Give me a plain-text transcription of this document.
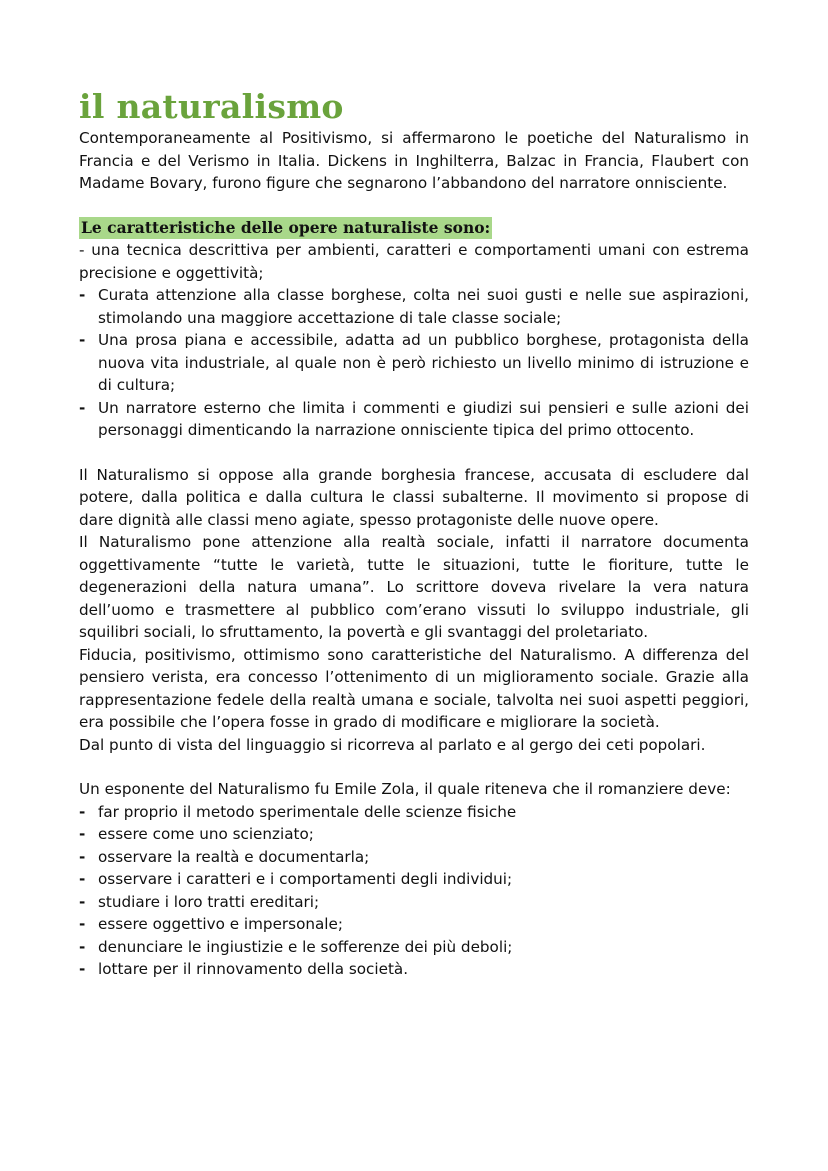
il naturalismo

Contemporaneamente al Positivismo, si affermarono le poetiche del Naturalismo in Francia e del Verismo in Italia. Dickens in Inghilterra, Balzac in Francia, Flaubert con Madame Bovary, furono figure che segnarono l’abbandono del narratore onnisciente.

Le caratteristiche delle opere naturaliste sono:

- una tecnica descrittiva per ambienti, caratteri e comportamenti umani con estrema precisione e oggettività;

- Curata attenzione alla classe borghese, colta nei suoi gusti e nelle sue aspirazioni, stimolando una maggiore accettazione di tale classe sociale;
- Una prosa piana e accessibile, adatta ad un pubblico borghese, protagonista della nuova vita industriale, al quale non è però richiesto un livello minimo di istruzione e di cultura;
- Un narratore esterno che limita i commenti e giudizi sui pensieri e sulle azioni dei personaggi dimenticando la narrazione onnisciente tipica del primo ottocento.

Il Naturalismo si oppose alla grande borghesia francese, accusata di escludere dal potere, dalla politica e dalla cultura le classi subalterne. Il movimento si propose di dare dignità alle classi meno agiate, spesso protagoniste delle nuove opere.

Il Naturalismo pone attenzione alla realtà sociale, infatti il narratore documenta oggettivamente “tutte le varietà, tutte le situazioni, tutte le fioriture, tutte le degenerazioni della natura umana”. Lo scrittore doveva rivelare la vera natura dell’uomo e trasmettere al pubblico com’erano vissuti lo sviluppo industriale, gli squilibri sociali, lo sfruttamento, la povertà e gli svantaggi del proletariato.

Fiducia, positivismo, ottimismo sono caratteristiche del Naturalismo. A differenza del pensiero verista, era concesso l’ottenimento di un miglioramento sociale. Grazie alla rappresentazione fedele della realtà umana e sociale, talvolta nei suoi aspetti peggiori, era possibile che l’opera fosse in grado di modificare e migliorare la società.

Dal punto di vista del linguaggio si ricorreva al parlato e al gergo dei ceti popolari.

Un esponente del Naturalismo fu Emile Zola, il quale riteneva che il romanziere deve:

- far proprio il metodo sperimentale delle scienze fisiche
- essere come uno scienziato;
- osservare la realtà e documentarla;
- osservare i caratteri e i comportamenti degli individui;
- studiare i loro tratti ereditari;
- essere oggettivo e impersonale;
- denunciare le ingiustizie e le sofferenze dei più deboli;
- lottare per il rinnovamento della società.
